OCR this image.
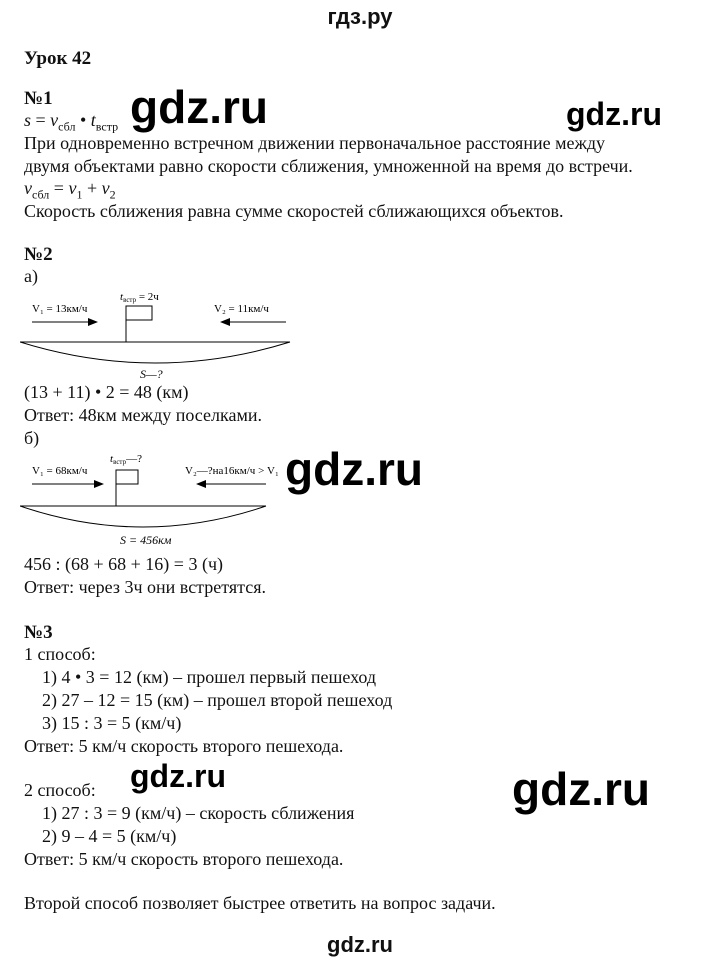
гдз.ру
gdz.ru	gdz.ru
gdz.ru
gdz.ru	gdz.ru
Урок 42
№1
$s = v_{сбл}$ • $t_{встр}$
При одновременно встречном движении первоначальное расстояние между
двумя объектами равно скорости сближения, умноженной на время до встречи.
$v_{сбл} = v_1 + v_2$
Скорость сближения равна сумме скоростей сближающихся объектов.
№2
а)
V₁ = 13км/ч
tвстр = 2ч
V₂ = 11км/ч
S—?
(13 + 11) • 2 = 48 (км)
Ответ: 48км между поселками.
б)
V₁ = 68км/ч
tвстр—?
V₂—?на16км/ч > V₁
S = 456км
456 : (68 + 68 + 16) = 3 (ч)
Ответ: через 3ч они встретятся.
№3
1 способ:
1) 4 • 3 = 12 (км) – прошел первый пешеход
2) 27 – 12 = 15 (км) – прошел второй пешеход
3) 15 : 3 = 5 (км/ч)
Ответ: 5 км/ч скорость второго пешехода.
2 способ:
1) 27 : 3 = 9 (км/ч) – скорость сближения
2) 9 – 4 = 5 (км/ч)
Ответ: 5 км/ч скорость второго пешехода.
Второй способ позволяет быстрее ответить на вопрос задачи.
gdz.ru
